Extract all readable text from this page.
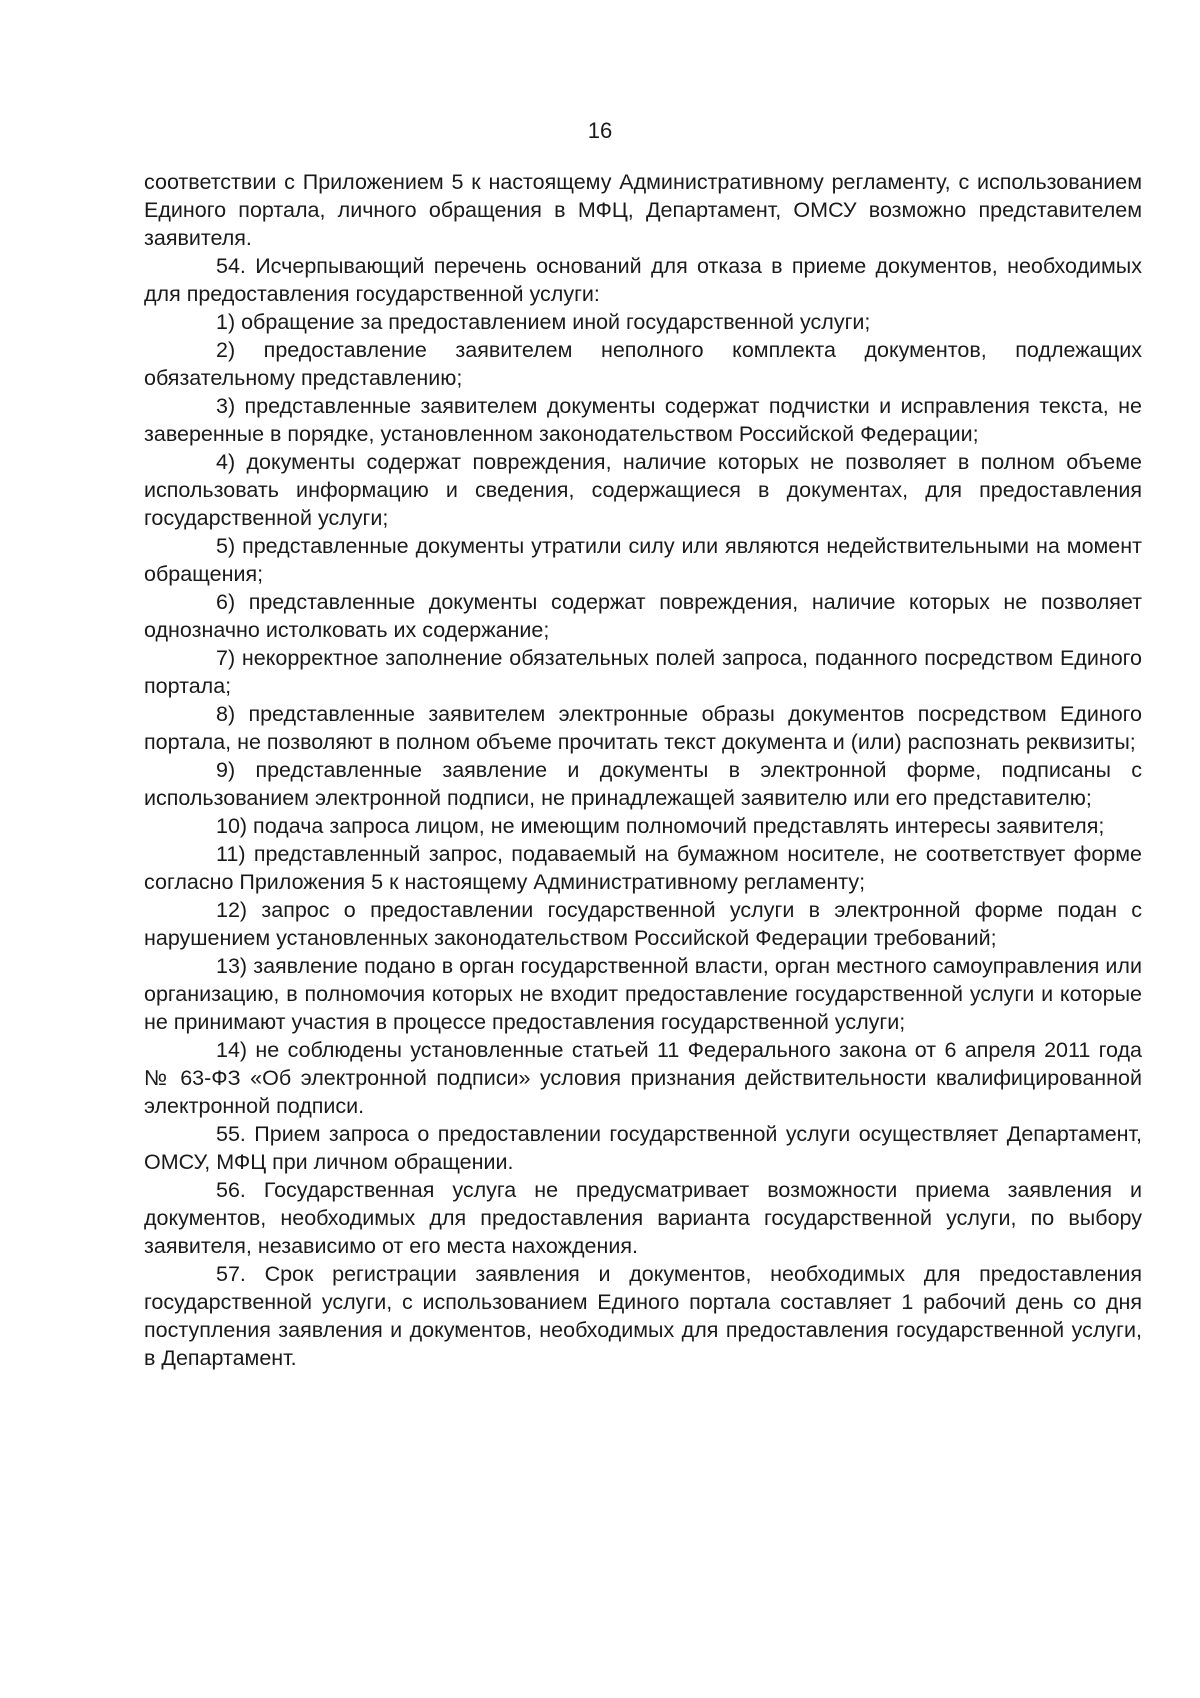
16

соответствии с Приложением 5 к настоящему Административному регламенту, с использованием Единого портала, личного обращения в МФЦ, Департамент, ОМСУ возможно представителем заявителя.

54. Исчерпывающий перечень оснований для отказа в приеме документов, необходимых для предоставления государственной услуги:

1) обращение за предоставлением иной государственной услуги;

2) предоставление заявителем неполного комплекта документов, подлежащих обязательному представлению;

3) представленные заявителем документы содержат подчистки и исправления текста, не заверенные в порядке, установленном законодательством Российской Федерации;

4) документы содержат повреждения, наличие которых не позволяет в полном объеме использовать информацию и сведения, содержащиеся в документах, для предоставления государственной услуги;

5) представленные документы утратили силу или являются недействительными на момент обращения;

6) представленные документы содержат повреждения, наличие которых не позволяет однозначно истолковать их содержание;

7) некорректное заполнение обязательных полей запроса, поданного посредством Единого портала;

8) представленные заявителем электронные образы документов посредством Единого портала, не позволяют в полном объеме прочитать текст документа и (или) распознать реквизиты;

9) представленные заявление и документы в электронной форме, подписаны с использованием электронной подписи, не принадлежащей заявителю или его представителю;

10) подача запроса лицом, не имеющим полномочий представлять интересы заявителя;

11) представленный запрос, подаваемый на бумажном носителе, не соответствует форме согласно Приложения 5 к настоящему Административному регламенту;

12) запрос о предоставлении государственной услуги в электронной форме подан с нарушением установленных законодательством Российской Федерации требований;

13) заявление подано в орган государственной власти, орган местного самоуправления или организацию, в полномочия которых не входит предоставление государственной услуги и которые не принимают участия в процессе предоставления государственной услуги;

14) не соблюдены установленные статьей 11 Федерального закона от 6 апреля 2011 года № 63-ФЗ «Об электронной подписи» условия признания действительности квалифицированной электронной подписи.

55. Прием запроса о предоставлении государственной услуги осуществляет Департамент, ОМСУ, МФЦ при личном обращении.

56. Государственная услуга не предусматривает возможности приема заявления и документов, необходимых для предоставления варианта государственной услуги, по выбору заявителя, независимо от его места нахождения.

57. Срок регистрации заявления и документов, необходимых для предоставления государственной услуги, с использованием Единого портала составляет 1 рабочий день со дня поступления заявления и документов, необходимых для предоставления государственной услуги, в Департамент.
